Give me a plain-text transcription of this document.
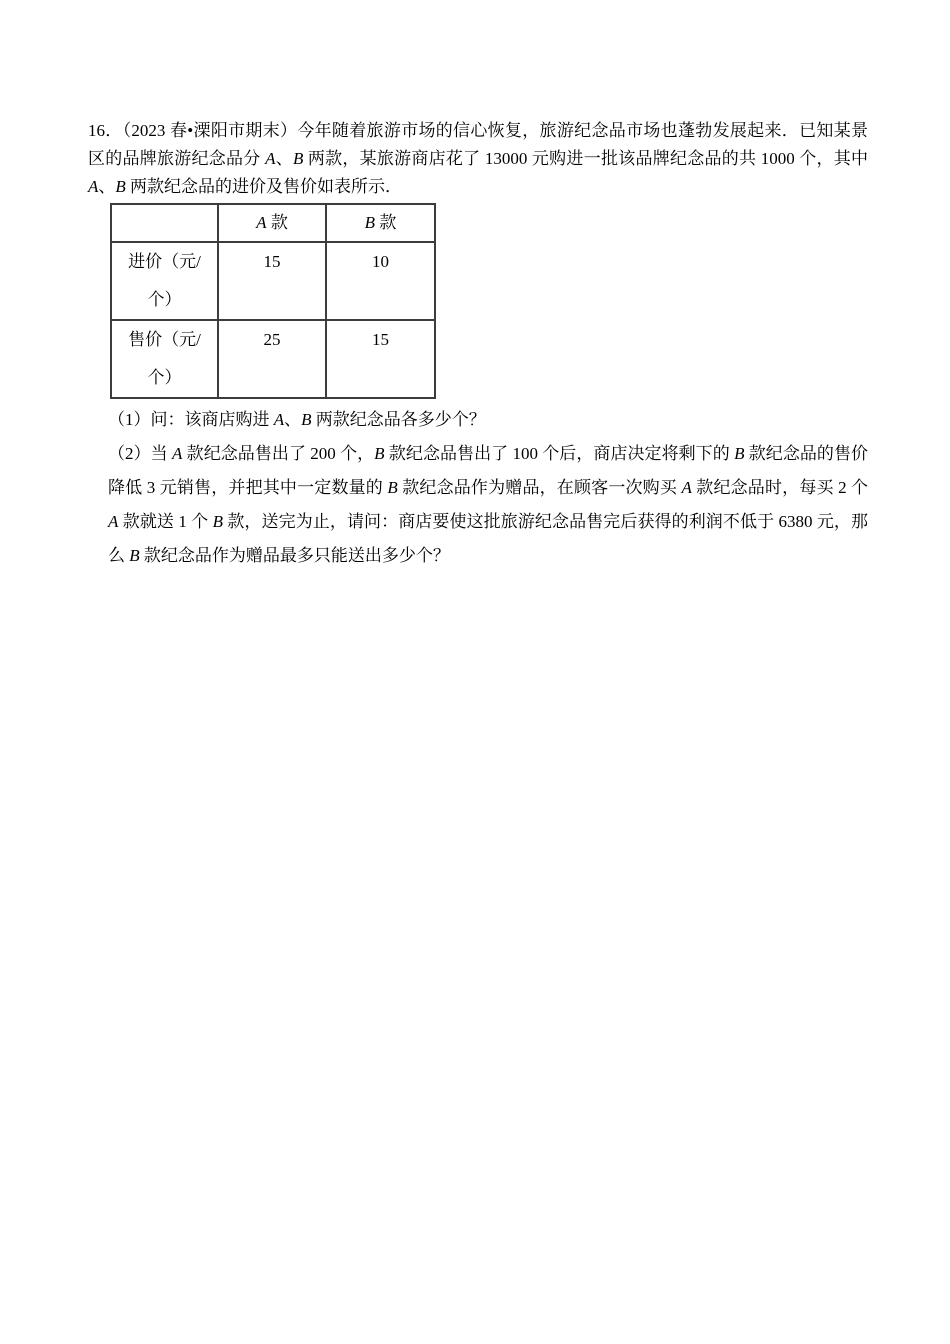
16．（2023 春•溧阳市期末）今年随着旅游市场的信心恢复，旅游纪念品市场也蓬勃发展起来．已知某景
区的品牌旅游纪念品分 A、B 两款，某旅游商店花了 13000 元购进一批该品牌纪念品的共 1000 个，其中
A、B 两款纪念品的进价及售价如表所示．
	A 款	B 款

进价（元/
个）	15	10

售价（元/
个）	25	15
（1）问：该商店购进 A、B 两款纪念品各多少个？
（2）当 A 款纪念品售出了 200 个，B 款纪念品售出了 100 个后，商店决定将剩下的 B 款纪念品的售价
降低 3 元销售，并把其中一定数量的 B 款纪念品作为赠品，在顾客一次购买 A 款纪念品时，每买 2 个
A 款就送 1 个 B 款，送完为止，请问：商店要使这批旅游纪念品售完后获得的利润不低于 6380 元，那
么 B 款纪念品作为赠品最多只能送出多少个？
